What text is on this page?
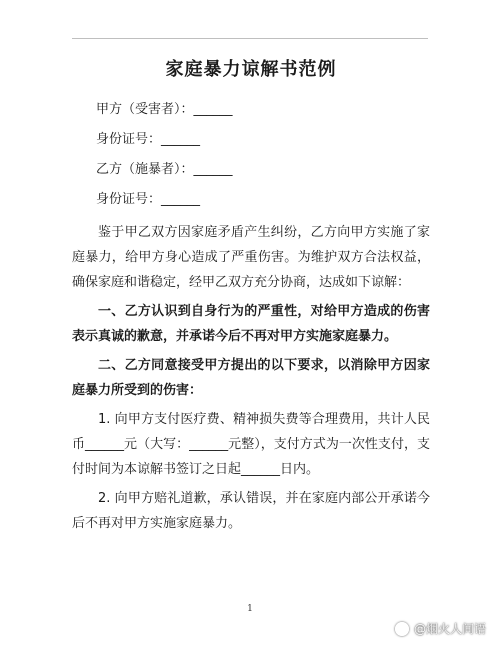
家庭暴力谅解书范例
甲方（受害者）：______
身份证号：______
乙方（施暴者）：______
身份证号：______

鉴于甲乙双方因家庭矛盾产生纠纷，乙方向甲方实施了家庭暴力，给甲方身心造成了严重伤害。为维护双方合法权益，确保家庭和谐稳定，经甲乙双方充分协商，达成如下谅解：

一、乙方认识到自身行为的严重性，对给甲方造成的伤害表示真诚的歉意，并承诺今后不再对甲方实施家庭暴力。

二、乙方同意接受甲方提出的以下要求，以消除甲方因家庭暴力所受到的伤害：

1. 向甲方支付医疗费、精神损失费等合理费用，共计人民币______元（大写：______元整），支付方式为一次性支付，支付时间为本谅解书签订之日起______日内。

2. 向甲方赔礼道歉，承认错误，并在家庭内部公开承诺今后不再对甲方实施家庭暴力。

1
@烟火人间语
